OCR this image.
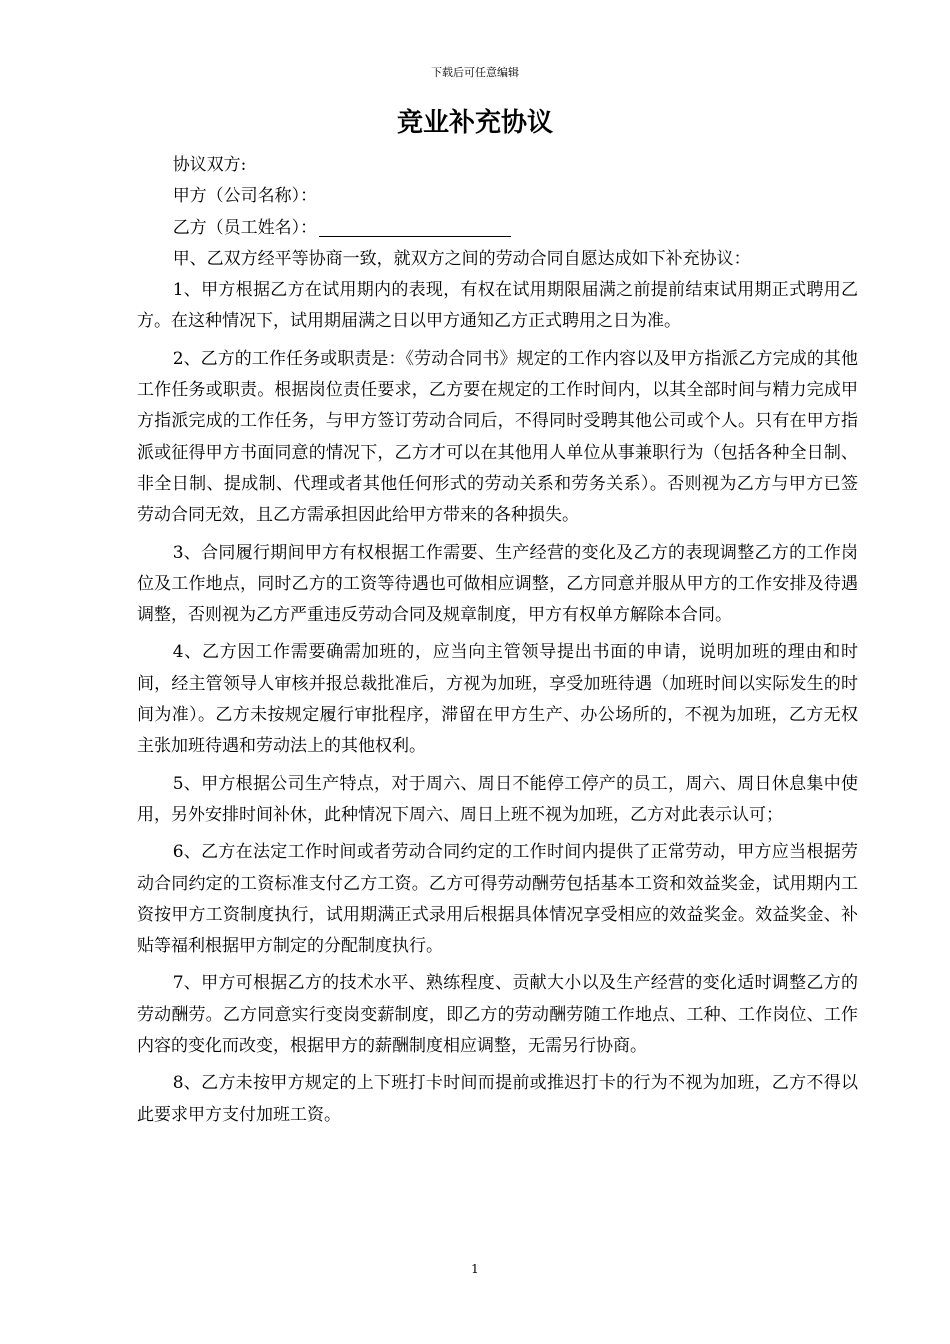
下载后可任意编辑
竞业补充协议

协议双方:

甲方（公司名称）：

乙方（员工姓名）：

甲、乙双方经平等协商一致，就双方之间的劳动合同自愿达成如下补充协议：

1、甲方根据乙方在试用期内的表现，有权在试用期限届满之前提前结束试用期正式聘用乙方。在这种情况下，试用期届满之日以甲方通知乙方正式聘用之日为准。

2、乙方的工作任务或职责是：《劳动合同书》规定的工作内容以及甲方指派乙方完成的其他工作任务或职责。根据岗位责任要求，乙方要在规定的工作时间内，以其全部时间与精力完成甲方指派完成的工作任务，与甲方签订劳动合同后，不得同时受聘其他公司或个人。只有在甲方指派或征得甲方书面同意的情况下，乙方才可以在其他用人单位从事兼职行为（包括各种全日制、非全日制、提成制、代理或者其他任何形式的劳动关系和劳务关系）。否则视为乙方与甲方已签劳动合同无效，且乙方需承担因此给甲方带来的各种损失。

3、合同履行期间甲方有权根据工作需要、生产经营的变化及乙方的表现调整乙方的工作岗位及工作地点，同时乙方的工资等待遇也可做相应调整，乙方同意并服从甲方的工作安排及待遇调整，否则视为乙方严重违反劳动合同及规章制度，甲方有权单方解除本合同。

4、乙方因工作需要确需加班的，应当向主管领导提出书面的申请，说明加班的理由和时间，经主管领导人审核并报总裁批准后，方视为加班，享受加班待遇（加班时间以实际发生的时间为准）。乙方未按规定履行审批程序，滞留在甲方生产、办公场所的，不视为加班，乙方无权主张加班待遇和劳动法上的其他权利。

5、甲方根据公司生产特点，对于周六、周日不能停工停产的员工，周六、周日休息集中使用，另外安排时间补休，此种情况下周六、周日上班不视为加班，乙方对此表示认可；

6、乙方在法定工作时间或者劳动合同约定的工作时间内提供了正常劳动，甲方应当根据劳动合同约定的工资标准支付乙方工资。乙方可得劳动酬劳包括基本工资和效益奖金，试用期内工资按甲方工资制度执行，试用期满正式录用后根据具体情况享受相应的效益奖金。效益奖金、补贴等福利根据甲方制定的分配制度执行。

7、甲方可根据乙方的技术水平、熟练程度、贡献大小以及生产经营的变化适时调整乙方的劳动酬劳。乙方同意实行变岗变薪制度，即乙方的劳动酬劳随工作地点、工种、工作岗位、工作内容的变化而改变，根据甲方的薪酬制度相应调整，无需另行协商。

8、乙方未按甲方规定的上下班打卡时间而提前或推迟打卡的行为不视为加班，乙方不得以此要求甲方支付加班工资。

1
